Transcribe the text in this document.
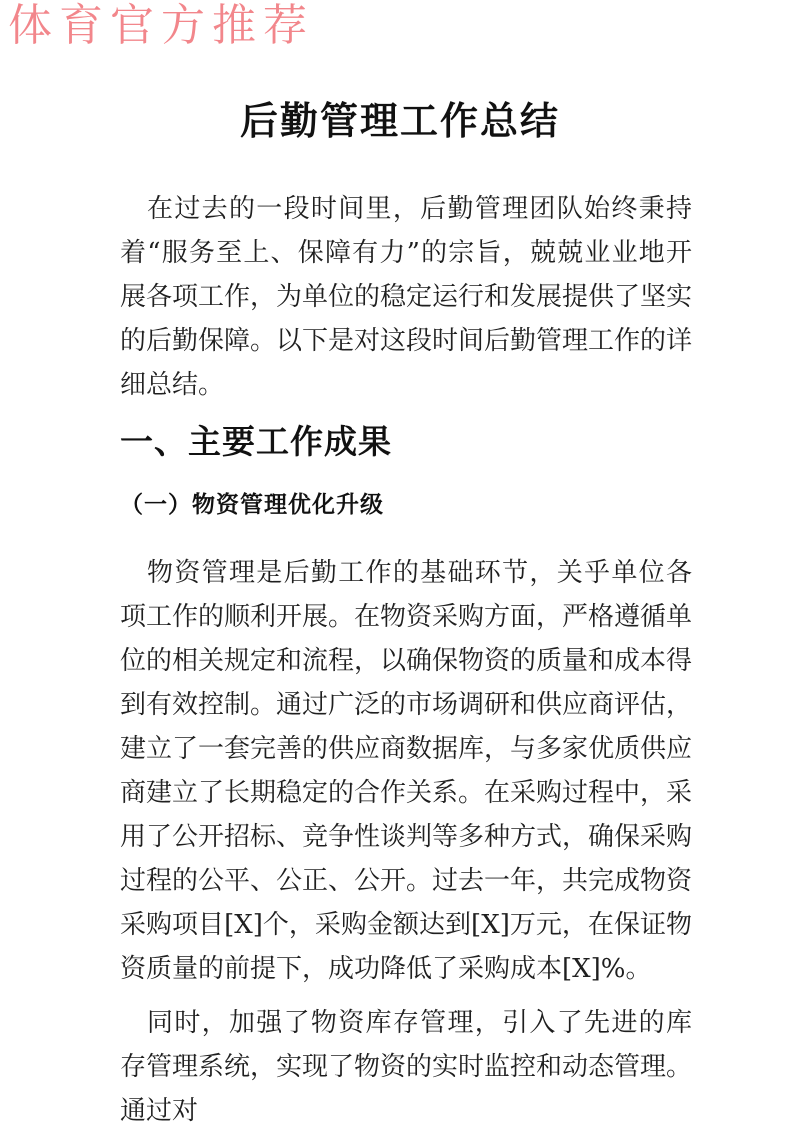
体育官方推荐
后勤管理工作总结

在过去的一段时间里，后勤管理团队始终秉持着“服务至上、保障有力”的宗旨，兢兢业业地开展各项工作，为单位的稳定运行和发展提供了坚实的后勤保障。以下是对这段时间后勤管理工作的详细总结。

一、主要工作成果
（一）物资管理优化升级

物资管理是后勤工作的基础环节，关乎单位各项工作的顺利开展。在物资采购方面，严格遵循单位的相关规定和流程，以确保物资的质量和成本得到有效控制。通过广泛的市场调研和供应商评估，建立了一套完善的供应商数据库，与多家优质供应商建立了长期稳定的合作关系。在采购过程中，采用了公开招标、竞争性谈判等多种方式，确保采购过程的公平、公正、公开。过去一年，共完成物资采购项目[X]个，采购金额达到[X]万元，在保证物资质量的前提下，成功降低了采购成本[X]%。

同时，加强了物资库存管理，引入了先进的库存管理系统，实现了物资的实时监控和动态管理。通过对
